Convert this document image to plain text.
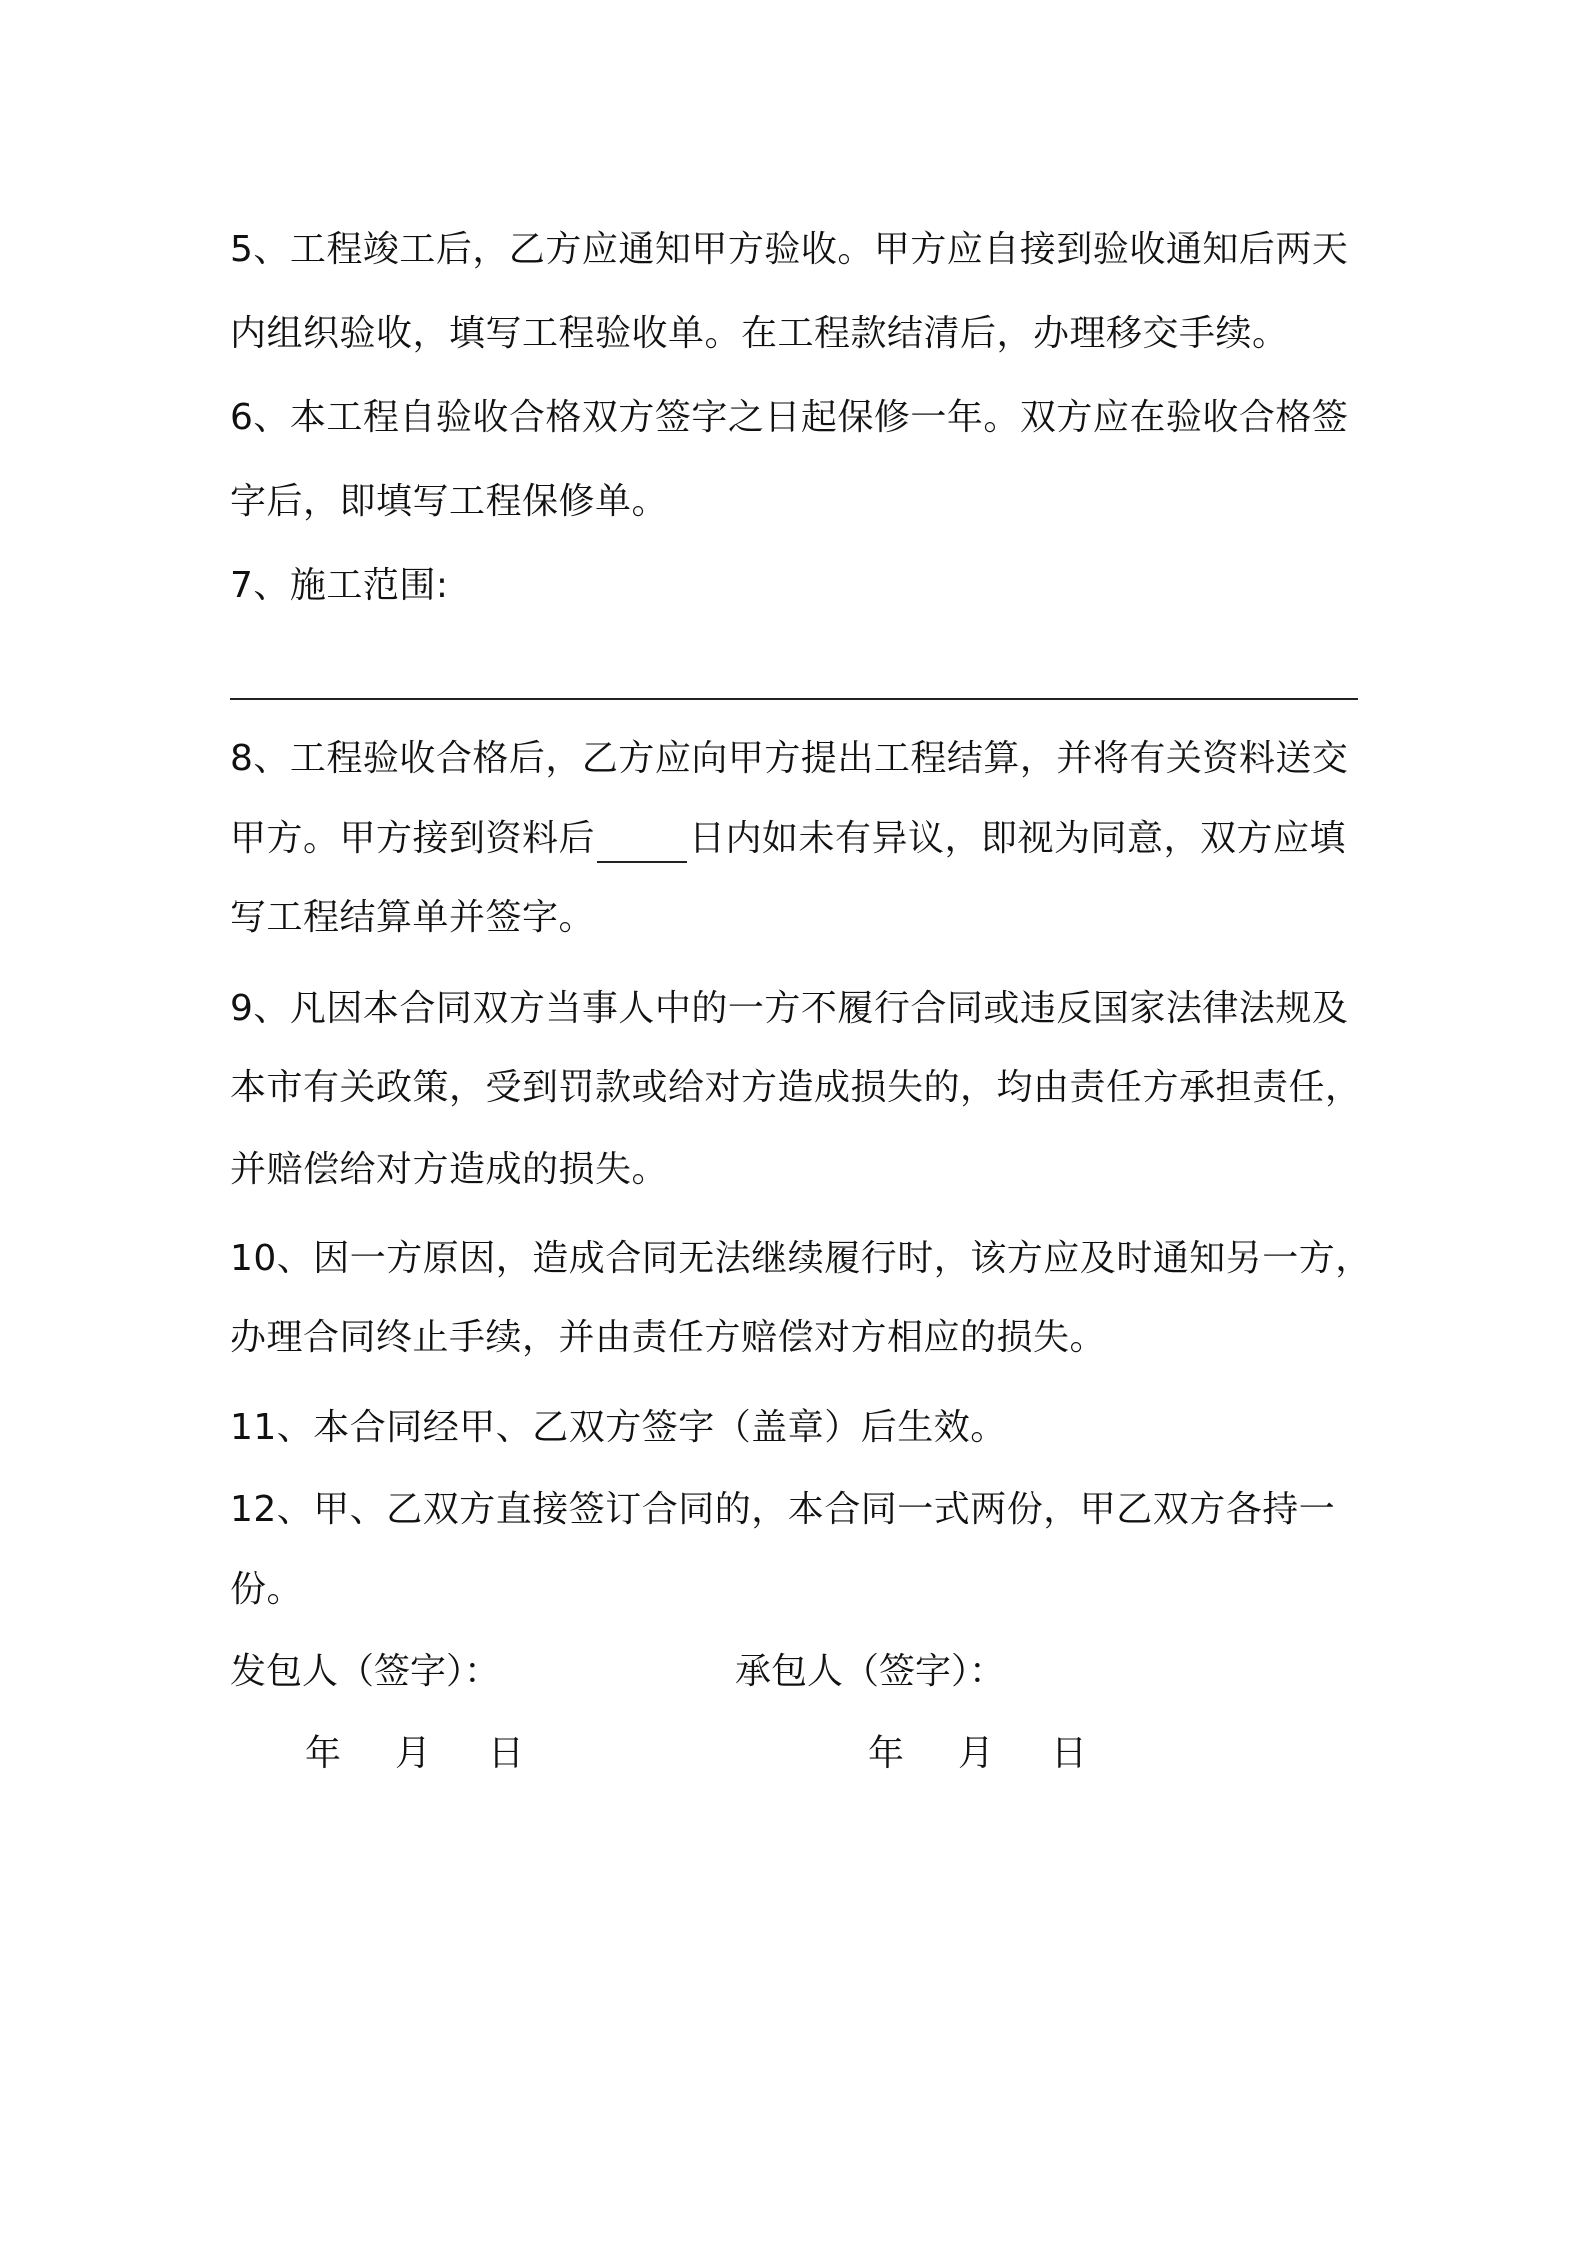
5、工程竣工后，乙方应通知甲方验收。甲方应自接到验收通知后两天
内组织验收，填写工程验收单。在工程款结清后，办理移交手续。
6、本工程自验收合格双方签字之日起保修一年。双方应在验收合格签
字后，即填写工程保修单。
7、施工范围:
8、工程验收合格后，乙方应向甲方提出工程结算，并将有关资料送交
甲方。甲方接到资料后	日内如未有异议，即视为同意，双方应填
写工程结算单并签字。
9、凡因本合同双方当事人中的一方不履行合同或违反国家法律法规及
本市有关政策，受到罚款或给对方造成损失的，均由责任方承担责任，
并赔偿给对方造成的损失。
10、因一方原因，造成合同无法继续履行时，该方应及时通知另一方，
办理合同终止手续，并由责任方赔偿对方相应的损失。
11、本合同经甲、乙双方签字（盖章）后生效。
12、甲、乙双方直接签订合同的，本合同一式两份，甲乙双方各持一
份。
发包人（签字）：	承包人（签字）：
年 月 日	年 月 日
